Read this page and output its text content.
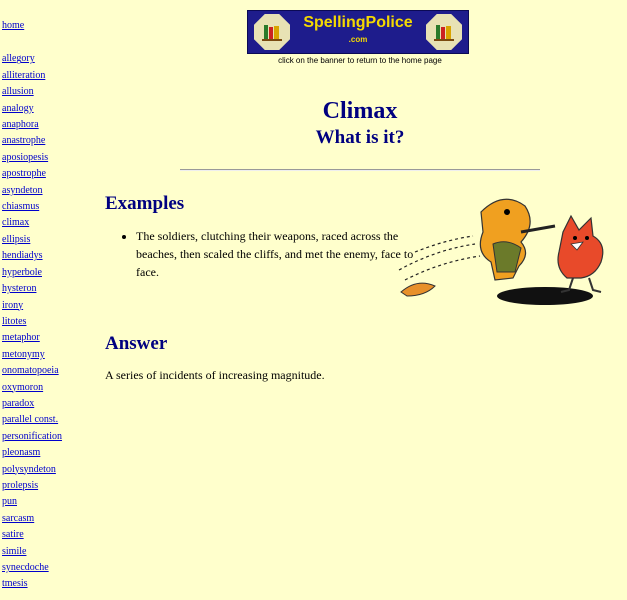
home
allegory
alliteration
allusion
analogy
anaphora
anastrophe
aposiopesis
apostrophe
asyndeton
chiasmus
climax
ellipsis
hendiadys
hyperbole
hysteron
irony
litotes
metaphor
metonymy
onomatopoeia
oxymoron
paradox
parallel const.
personification
pleonasm
polysyndeton
prolepsis
pun
sarcasm
satire
simile
synecdoche
tmesis
SpellingPolice
.com
click on the banner to return to the home page
Climax
What is it?
Examples
• The soldiers, clutching their weapons, raced across the beaches, then scaled the cliffs, and met the enemy, face to face.
Answer
A series of incidents of increasing magnitude.
